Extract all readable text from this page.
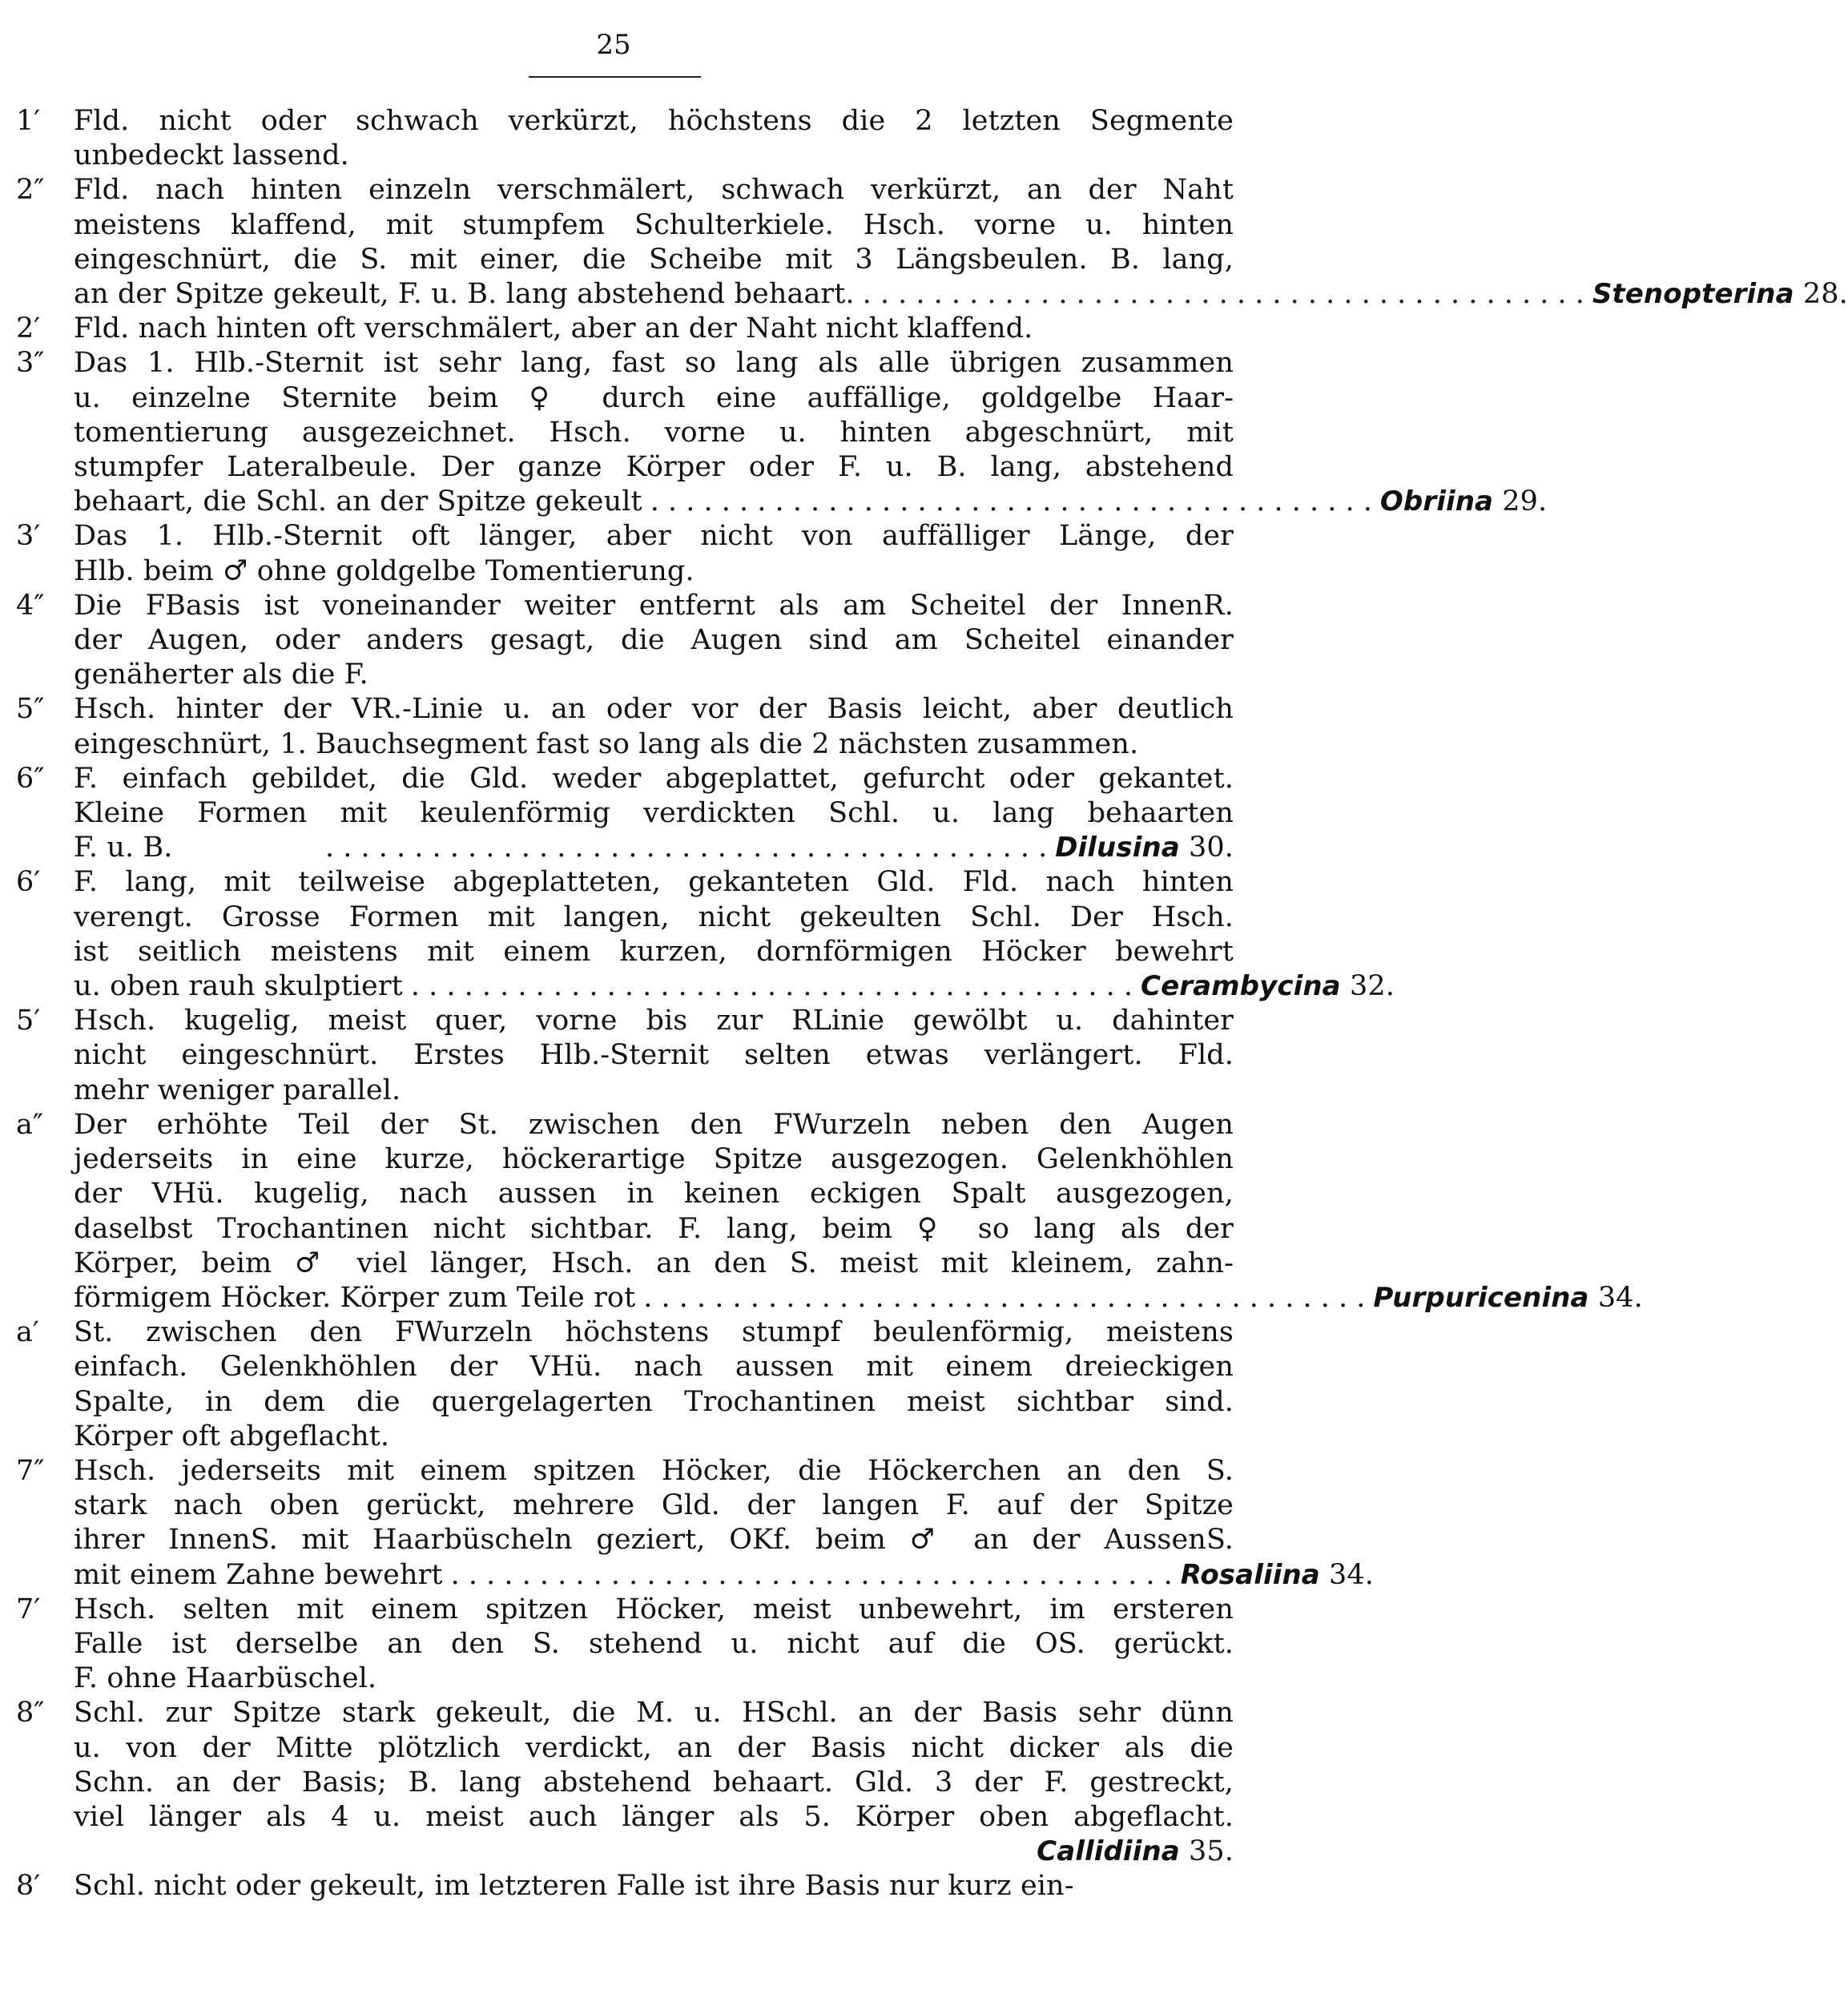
25
1′	Fld. nicht oder schwach verkürzt, höchstens die 2 letzten Segmente
unbedeckt lassend.
2″	Fld. nach hinten einzeln verschmälert, schwach verkürzt, an der Naht
meistens klaffend, mit stumpfem Schulterkiele. Hsch. vorne u. hinten
eingeschnürt, die S. mit einer, die Scheibe mit 3 Längsbeulen. B. lang,
an der Spitze gekeult, F. u. B. lang abstehend behaart. . . . . . . . . . . . . . . . . . . . . . . . . . . . . . . . . . . . . . . . . . Stenopterina 28.
2′	Fld. nach hinten oft verschmälert, aber an der Naht nicht klaffend.
3″	Das 1. Hlb.-Sternit ist sehr lang, fast so lang als alle übrigen zusammen
u. einzelne Sternite beim ♀ durch eine auffällige, goldgelbe Haar-
tomentierung ausgezeichnet. Hsch. vorne u. hinten abgeschnürt, mit
stumpfer Lateralbeule. Der ganze Körper oder F. u. B. lang, abstehend
behaart, die Schl. an der Spitze gekeult . . . . . . . . . . . . . . . . . . . . . . . . . . . . . . . . . . . . . . . . . Obriina 29.
3′	Das 1. Hlb.-Sternit oft länger, aber nicht von auffälliger Länge, der
Hlb. beim ♂ ohne goldgelbe Tomentierung.
4″	Die FBasis ist voneinander weiter entfernt als am Scheitel der InnenR.
der Augen, oder anders gesagt, die Augen sind am Scheitel einander
genäherter als die F.
5″	Hsch. hinter der VR.-Linie u. an oder vor der Basis leicht, aber deutlich
eingeschnürt, 1. Bauchsegment fast so lang als die 2 nächsten zusammen.
6″	F. einfach gebildet, die Gld. weder abgeplattet, gefurcht oder gekantet.
Kleine Formen mit keulenförmig verdickten Schl. u. lang behaarten
F. u. B.	. . . . . . . . . . . . . . . . . . . . . . . . . . . . . . . . . . . . . . . . . Dilusina 30.
6′	F. lang, mit teilweise abgeplatteten, gekanteten Gld. Fld. nach hinten
verengt. Grosse Formen mit langen, nicht gekeulten Schl. Der Hsch.
ist seitlich meistens mit einem kurzen, dornförmigen Höcker bewehrt
u. oben rauh skulptiert . . . . . . . . . . . . . . . . . . . . . . . . . . . . . . . . . . . . . . . . . Cerambycina 32.
5′	Hsch. kugelig, meist quer, vorne bis zur RLinie gewölbt u. dahinter
nicht eingeschnürt. Erstes Hlb.-Sternit selten etwas verlängert. Fld.
mehr weniger parallel.
a″	Der erhöhte Teil der St. zwischen den FWurzeln neben den Augen
jederseits in eine kurze, höckerartige Spitze ausgezogen. Gelenkhöhlen
der VHü. kugelig, nach aussen in keinen eckigen Spalt ausgezogen,
daselbst Trochantinen nicht sichtbar. F. lang, beim ♀ so lang als der
Körper, beim ♂ viel länger, Hsch. an den S. meist mit kleinem, zahn-
förmigem Höcker. Körper zum Teile rot . . . . . . . . . . . . . . . . . . . . . . . . . . . . . . . . . . . . . . . . . Purpuricenina 34.
a′	St. zwischen den FWurzeln höchstens stumpf beulenförmig, meistens
einfach. Gelenkhöhlen der VHü. nach aussen mit einem dreieckigen
Spalte, in dem die quergelagerten Trochantinen meist sichtbar sind.
Körper oft abgeflacht.
7″	Hsch. jederseits mit einem spitzen Höcker, die Höckerchen an den S.
stark nach oben gerückt, mehrere Gld. der langen F. auf der Spitze
ihrer InnenS. mit Haarbüscheln geziert, OKf. beim ♂ an der AussenS.
mit einem Zahne bewehrt . . . . . . . . . . . . . . . . . . . . . . . . . . . . . . . . . . . . . . . . . Rosaliina 34.
7′	Hsch. selten mit einem spitzen Höcker, meist unbewehrt, im ersteren
Falle ist derselbe an den S. stehend u. nicht auf die OS. gerückt.
F. ohne Haarbüschel.
8″	Schl. zur Spitze stark gekeult, die M. u. HSchl. an der Basis sehr dünn
u. von der Mitte plötzlich verdickt, an der Basis nicht dicker als die
Schn. an der Basis; B. lang abstehend behaart. Gld. 3 der F. gestreckt,
viel länger als 4 u. meist auch länger als 5. Körper oben abgeflacht.
Callidiina 35.
8′	Schl. nicht oder gekeult, im letzteren Falle ist ihre Basis nur kurz ein-
